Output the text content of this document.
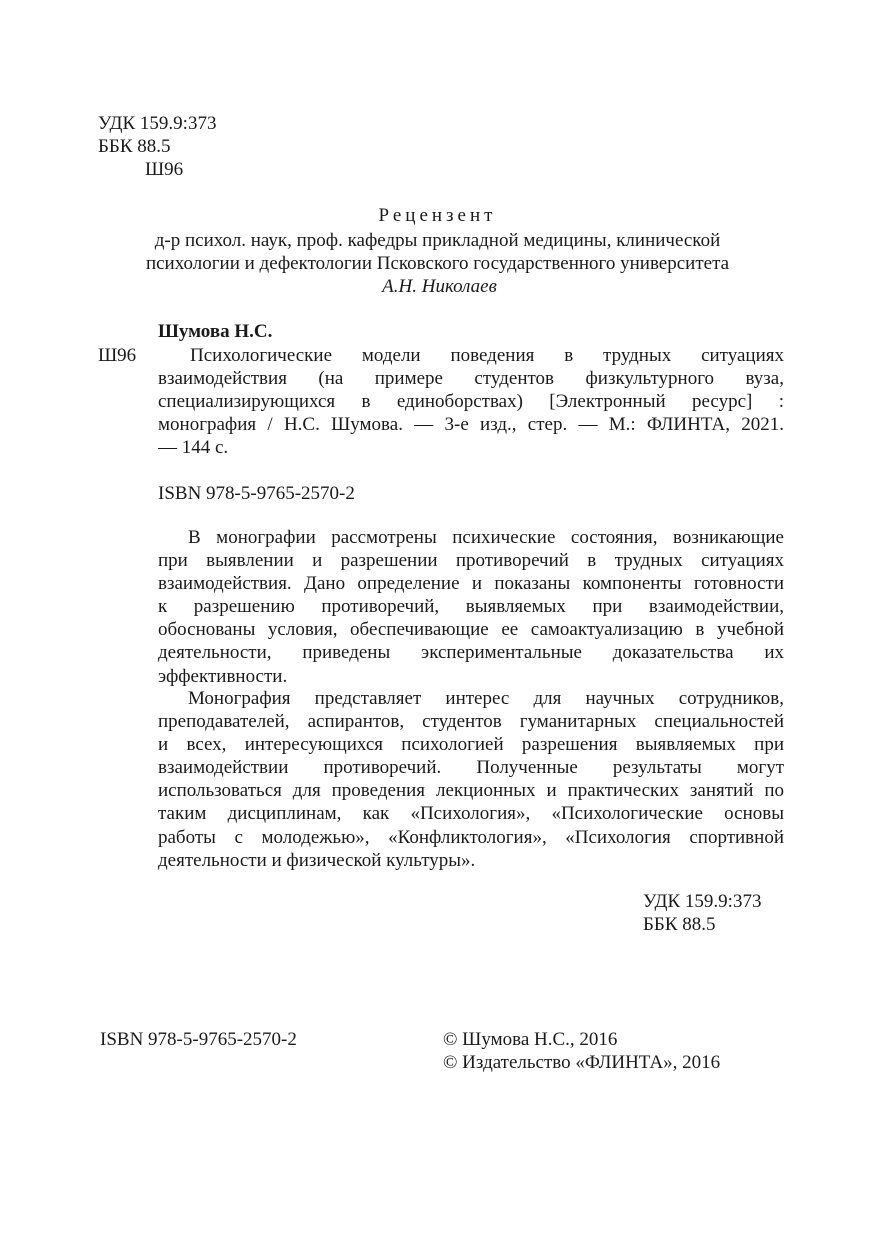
УДК 159.9:373
ББК 88.5
Ш96
Рецензент
д-р психол. наук, проф. кафедры прикладной медицины, клинической
психологии и дефектологии Псковского государственного университета
А.Н. Николаев
Шумова Н.С.
Ш96	Психологические модели поведения в трудных ситуациях
взаимодействия (на примере студентов физкультурного вуза,
специализирующихся в единоборствах) [Электронный ресурс] :
монография / Н.С. Шумова. — 3-е изд., стер. — М.: ФЛИНТА, 2021.
— 144 с.
ISBN 978-5-9765-2570-2
В монографии рассмотрены психические состояния, возникающие
при выявлении и разрешении противоречий в трудных ситуациях
взаимодействия. Дано определение и показаны компоненты готовности
к разрешению противоречий, выявляемых при взаимодействии,
обоснованы условия, обеспечивающие ее самоактуализацию в учебной
деятельности, приведены экспериментальные доказательства их
эффективности.
Монография представляет интерес для научных сотрудников,
преподавателей, аспирантов, студентов гуманитарных специальностей
и всех, интересующихся психологией разрешения выявляемых при
взаимодействии противоречий. Полученные результаты могут
использоваться для проведения лекционных и практических занятий по
таким дисциплинам, как «Психология», «Психологические основы
работы с молодежью», «Конфликтология», «Психология спортивной
деятельности и физической культуры».
УДК 159.9:373
ББК 88.5
ISBN 978-5-9765-2570-2	© Шумова Н.С., 2016
© Издательство «ФЛИНТА», 2016
